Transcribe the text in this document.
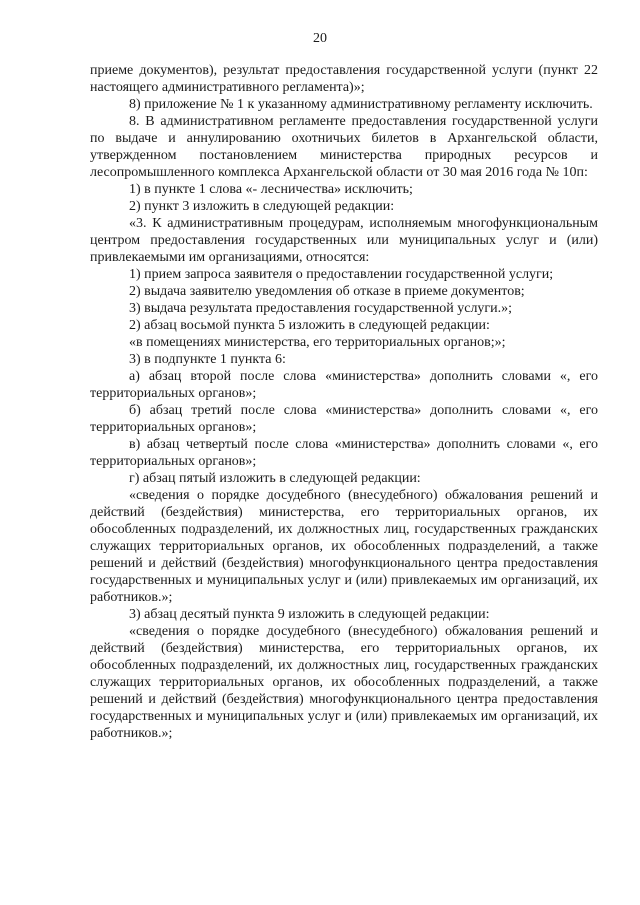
20

приеме документов), результат предоставления государственной услуги (пункт 22 настоящего административного регламента)»;

8) приложение № 1 к указанному административному регламенту исключить.

8. В административном регламенте предоставления государственной услуги по выдаче и аннулированию охотничьих билетов в Архангельской области, утвержденном постановлением министерства природных ресурсов и лесопромышленного комплекса Архангельской области от 30 мая 2016 года № 10п:

1) в пункте 1 слова «- лесничества» исключить;

2) пункт 3 изложить в следующей редакции:

«3. К административным процедурам, исполняемым многофункциональным центром предоставления государственных или муниципальных услуг и (или) привлекаемыми им организациями, относятся:

1) прием запроса заявителя о предоставлении государственной услуги;

2) выдача заявителю уведомления об отказе в приеме документов;

3) выдача результата предоставления государственной услуги.»;

2) абзац восьмой пункта 5 изложить в следующей редакции:

«в помещениях министерства, его территориальных органов;»;

3) в подпункте 1 пункта 6:

а) абзац второй после слова «министерства» дополнить словами «, его территориальных органов»;

б) абзац третий после слова «министерства» дополнить словами «, его территориальных органов»;

в) абзац четвертый после слова «министерства» дополнить словами «, его территориальных органов»;

г) абзац пятый изложить в следующей редакции:

«сведения о порядке досудебного (внесудебного) обжалования решений и действий (бездействия) министерства, его территориальных органов, их обособленных подразделений, их должностных лиц, государственных гражданских служащих территориальных органов, их обособленных подразделений, а также решений и действий (бездействия) многофункционального центра предоставления государственных и муниципальных услуг и (или) привлекаемых им организаций, их работников.»;

3) абзац десятый пункта 9 изложить в следующей редакции:

«сведения о порядке досудебного (внесудебного) обжалования решений и действий (бездействия) министерства, его территориальных органов, их обособленных подразделений, их должностных лиц, государственных гражданских служащих территориальных органов, их обособленных подразделений, а также решений и действий (бездействия) многофункционального центра предоставления государственных и муниципальных услуг и (или) привлекаемых им организаций, их работников.»;
